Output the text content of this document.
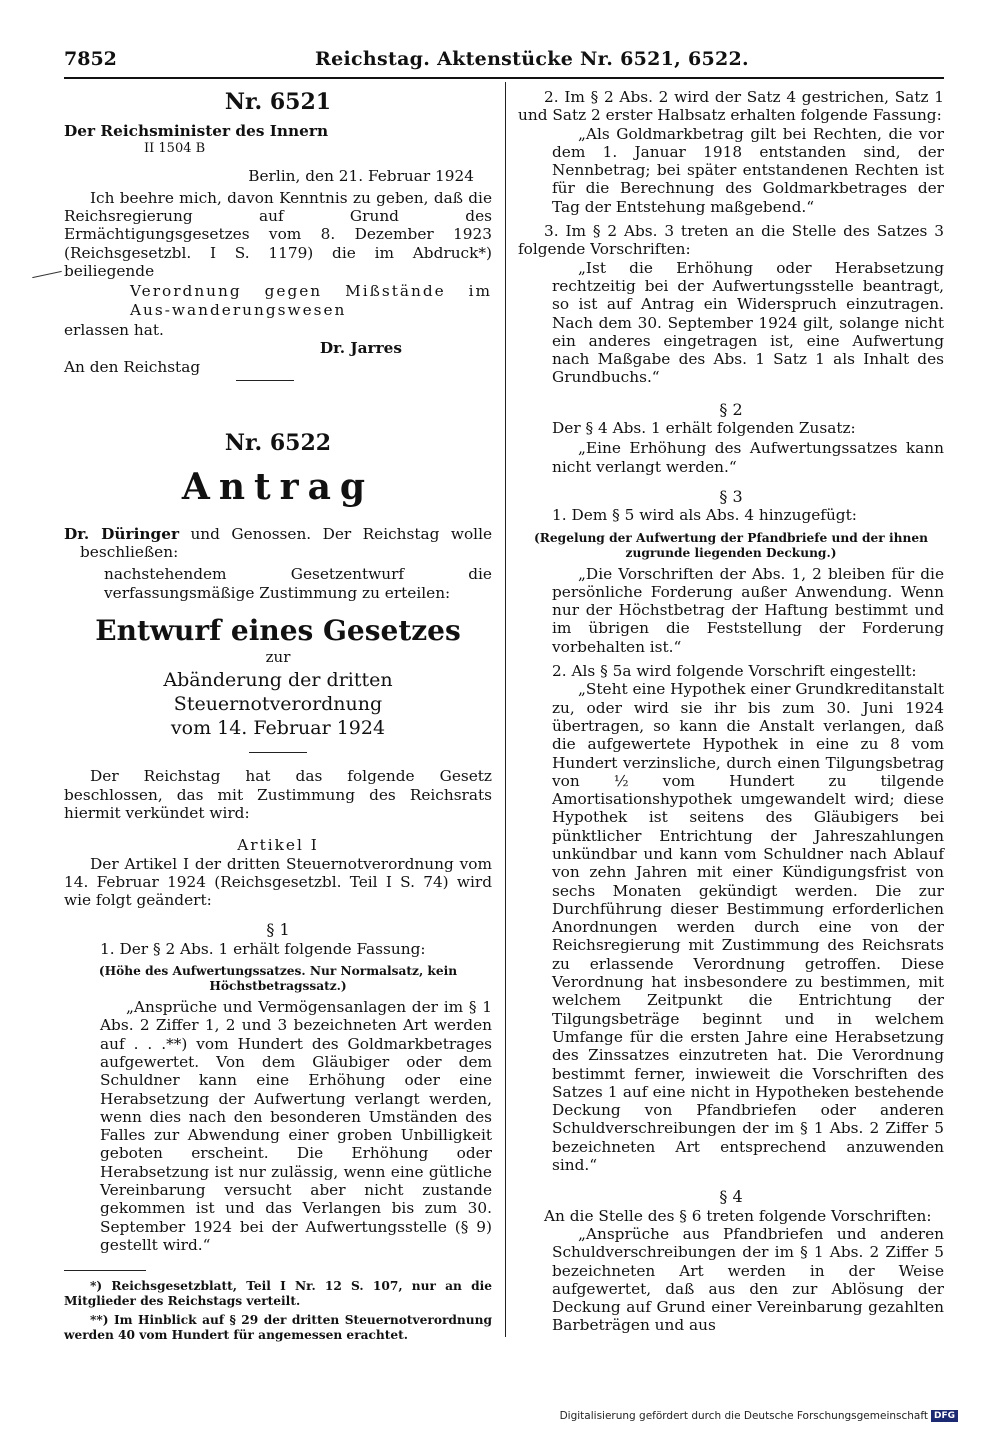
7852	Reichstag. Aktenstücke Nr. 6521, 6522.

Nr. 6521

Der Reichsminister des Innern

II 1504 B

Berlin, den 21. Februar 1924

Ich beehre mich, davon Kenntnis zu geben, daß die Reichsregierung auf Grund des Ermächtigungsgesetzes vom 8. Dezember 1923 (Reichsgesetzbl. I S. 1179) die im Abdruck*) beiliegende

Verordnung gegen Mißstände im Aus-wanderungswesen

erlassen hat.

Dr. Jarres

An den Reichstag

Nr. 6522

Antrag

Dr. Düringer und Genossen. Der Reichstag wolle beschließen:

nachstehendem Gesetzentwurf die verfassungsmäßige Zustimmung zu erteilen:

Entwurf eines Gesetzes

zur

Abänderung der dritten Steuernotverordnung

vom 14. Februar 1924

Der Reichstag hat das folgende Gesetz beschlossen, das mit Zustimmung des Reichsrats hiermit verkündet wird:

Artikel I

Der Artikel I der dritten Steuernotverordnung vom 14. Februar 1924 (Reichsgesetzbl. Teil I S. 74) wird wie folgt geändert:

§ 1

1. Der § 2 Abs. 1 erhält folgende Fassung:

(Höhe des Aufwertungssatzes. Nur Normalsatz, kein Höchstbetragssatz.)

„Ansprüche und Vermögensanlagen der im § 1 Abs. 2 Ziffer 1, 2 und 3 bezeichneten Art werden auf . . .**) vom Hundert des Goldmarkbetrages aufgewertet. Von dem Gläubiger oder dem Schuldner kann eine Erhöhung oder eine Herabsetzung der Aufwertung verlangt werden, wenn dies nach den besonderen Umständen des Falles zur Abwendung einer groben Unbilligkeit geboten erscheint. Die Erhöhung oder Herabsetzung ist nur zulässig, wenn eine gütliche Vereinbarung versucht aber nicht zustande gekommen ist und das Verlangen bis zum 30. September 1924 bei der Aufwertungsstelle (§ 9) gestellt wird.“

*) Reichsgesetzblatt, Teil I Nr. 12 S. 107, nur an die Mitglieder des Reichstags verteilt.

**) Im Hinblick auf § 29 der dritten Steuernotverordnung werden 40 vom Hundert für angemessen erachtet.

2. Im § 2 Abs. 2 wird der Satz 4 gestrichen, Satz 1 und Satz 2 erster Halbsatz erhalten folgende Fassung:

„Als Goldmarkbetrag gilt bei Rechten, die vor dem 1. Januar 1918 entstanden sind, der Nennbetrag; bei später entstandenen Rechten ist für die Berechnung des Goldmarkbetrages der Tag der Entstehung maßgebend.“

3. Im § 2 Abs. 3 treten an die Stelle des Satzes 3 folgende Vorschriften:

„Ist die Erhöhung oder Herabsetzung rechtzeitig bei der Aufwertungsstelle beantragt, so ist auf Antrag ein Widerspruch einzutragen. Nach dem 30. September 1924 gilt, solange nicht ein anderes eingetragen ist, eine Aufwertung nach Maßgabe des Abs. 1 Satz 1 als Inhalt des Grundbuchs.“

§ 2

Der § 4 Abs. 1 erhält folgenden Zusatz:

„Eine Erhöhung des Aufwertungssatzes kann nicht verlangt werden.“

§ 3

1. Dem § 5 wird als Abs. 4 hinzugefügt:

(Regelung der Aufwertung der Pfandbriefe und der ihnen zugrunde liegenden Deckung.)

„Die Vorschriften der Abs. 1, 2 bleiben für die persönliche Forderung außer Anwendung. Wenn nur der Höchstbetrag der Haftung bestimmt und im übrigen die Feststellung der Forderung vorbehalten ist.“

2. Als § 5a wird folgende Vorschrift eingestellt:

„Steht eine Hypothek einer Grundkreditanstalt zu, oder wird sie ihr bis zum 30. Juni 1924 übertragen, so kann die Anstalt verlangen, daß die aufgewertete Hypothek in eine zu 8 vom Hundert verzinsliche, durch einen Tilgungsbetrag von ½ vom Hundert zu tilgende Amortisationshypothek umgewandelt wird; diese Hypothek ist seitens des Gläubigers bei pünktlicher Entrichtung der Jahreszahlungen unkündbar und kann vom Schuldner nach Ablauf von zehn Jahren mit einer Kündigungsfrist von sechs Monaten gekündigt werden. Die zur Durchführung dieser Bestimmung erforderlichen Anordnungen werden durch eine von der Reichsregierung mit Zustimmung des Reichsrats zu erlassende Verordnung getroffen. Diese Verordnung hat insbesondere zu bestimmen, mit welchem Zeitpunkt die Entrichtung der Tilgungsbeträge beginnt und in welchem Umfange für die ersten Jahre eine Herabsetzung des Zinssatzes einzutreten hat. Die Verordnung bestimmt ferner, inwieweit die Vorschriften des Satzes 1 auf eine nicht in Hypotheken bestehende Deckung von Pfandbriefen oder anderen Schuldverschreibungen der im § 1 Abs. 2 Ziffer 5 bezeichneten Art entsprechend anzuwenden sind.“

§ 4

An die Stelle des § 6 treten folgende Vorschriften:

„Ansprüche aus Pfandbriefen und anderen Schuldverschreibungen der im § 1 Abs. 2 Ziffer 5 bezeichneten Art werden in der Weise aufgewertet, daß aus den zur Ablösung der Deckung auf Grund einer Vereinbarung gezahlten Barbeträgen und aus

Digitalisierung gefördert durch die Deutsche Forschungsgemeinschaft DFG
